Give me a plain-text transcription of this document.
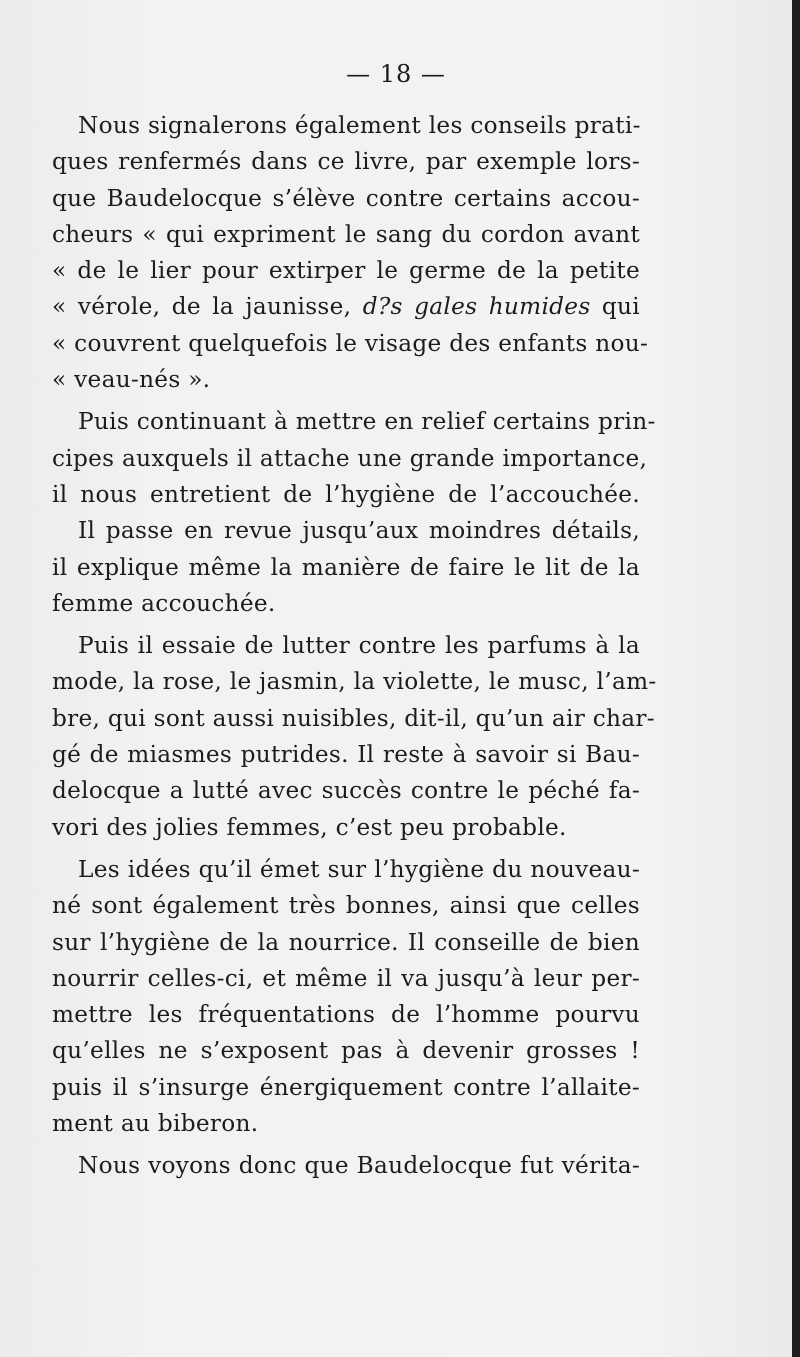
— 18 —
Nous signalerons également les conseils prati-
ques renfermés dans ce livre, par exemple lors-
que Baudelocque s’élève contre certains accou-
cheurs « qui expriment le sang du cordon avant
« de le lier pour extirper le germe de la petite
« vérole, de la jaunisse, d?s gales humides qui
« couvrent quelquefois le visage des enfants nou-
« veau-nés ».
Puis continuant à mettre en relief certains prin-
cipes auxquels il attache une grande importance,
il nous entretient de l’hygiène de l’accouchée.
Il passe en revue jusqu’aux moindres détails,
il explique même la manière de faire le lit de la
femme accouchée.
Puis il essaie de lutter contre les parfums à la
mode, la rose, le jasmin, la violette, le musc, l’am-
bre, qui sont aussi nuisibles, dit-il, qu’un air char-
gé de miasmes putrides. Il reste à savoir si Bau-
delocque a lutté avec succès contre le péché fa-
vori des jolies femmes, c’est peu probable.
Les idées qu’il émet sur l’hygiène du nouveau-
né sont également très bonnes, ainsi que celles
sur l’hygiène de la nourrice. Il conseille de bien
nourrir celles-ci, et même il va jusqu’à leur per-
mettre les fréquentations de l’homme pourvu
qu’elles ne s’exposent pas à devenir grosses !
puis il s’insurge énergiquement contre l’allaite-
ment au biberon.
Nous voyons donc que Baudelocque fut vérita-
